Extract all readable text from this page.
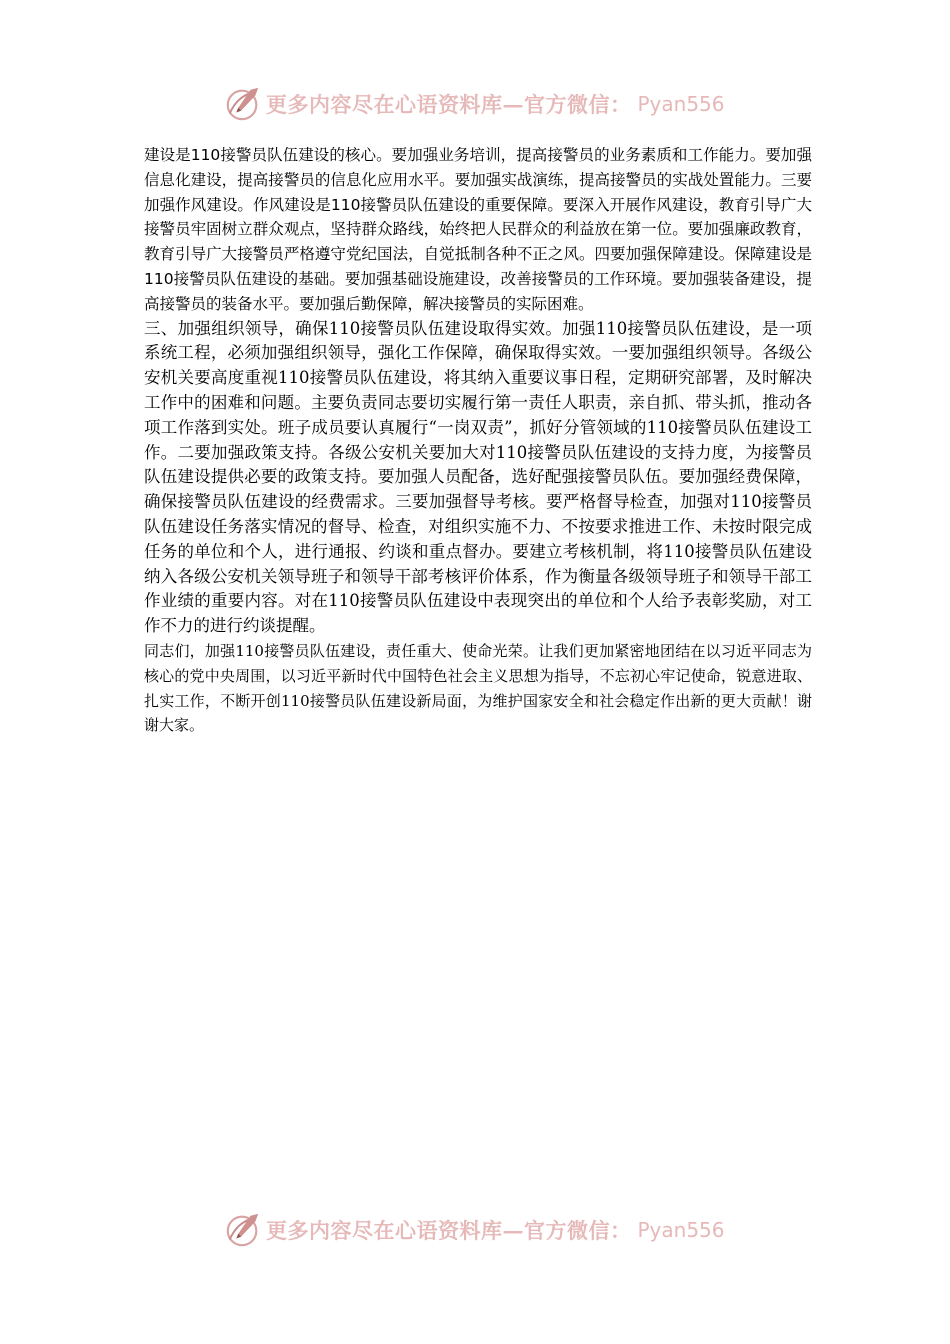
更多内容尽在心语资料库—官方微信： Pyan556

建设是110接警员队伍建设的核心。要加强业务培训，提高接警员的业务素质和工作能力。要加强信息化建设，提高接警员的信息化应用水平。要加强实战演练，提高接警员的实战处置能力。三要加强作风建设。作风建设是110接警员队伍建设的重要保障。要深入开展作风建设，教育引导广大接警员牢固树立群众观点，坚持群众路线，始终把人民群众的利益放在第一位。要加强廉政教育，教育引导广大接警员严格遵守党纪国法，自觉抵制各种不正之风。四要加强保障建设。保障建设是110接警员队伍建设的基础。要加强基础设施建设，改善接警员的工作环境。要加强装备建设，提高接警员的装备水平。要加强后勤保障，解决接警员的实际困难。

三、加强组织领导，确保110接警员队伍建设取得实效。加强110接警员队伍建设，是一项系统工程，必须加强组织领导，强化工作保障，确保取得实效。一要加强组织领导。各级公安机关要高度重视110接警员队伍建设，将其纳入重要议事日程，定期研究部署，及时解决工作中的困难和问题。主要负责同志要切实履行第一责任人职责，亲自抓、带头抓，推动各项工作落到实处。班子成员要认真履行“一岗双责”，抓好分管领域的110接警员队伍建设工作。二要加强政策支持。各级公安机关要加大对110接警员队伍建设的支持力度，为接警员队伍建设提供必要的政策支持。要加强人员配备，选好配强接警员队伍。要加强经费保障，确保接警员队伍建设的经费需求。三要加强督导考核。要严格督导检查，加强对110接警员队伍建设任务落实情况的督导、检查，对组织实施不力、不按要求推进工作、未按时限完成任务的单位和个人，进行通报、约谈和重点督办。要建立考核机制，将110接警员队伍建设纳入各级公安机关领导班子和领导干部考核评价体系，作为衡量各级领导班子和领导干部工作业绩的重要内容。对在110接警员队伍建设中表现突出的单位和个人给予表彰奖励，对工作不力的进行约谈提醒。

同志们，加强110接警员队伍建设，责任重大、使命光荣。让我们更加紧密地团结在以习近平同志为核心的党中央周围，以习近平新时代中国特色社会主义思想为指导，不忘初心牢记使命，锐意进取、扎实工作，不断开创110接警员队伍建设新局面，为维护国家安全和社会稳定作出新的更大贡献！谢谢大家。

更多内容尽在心语资料库—官方微信： Pyan556
